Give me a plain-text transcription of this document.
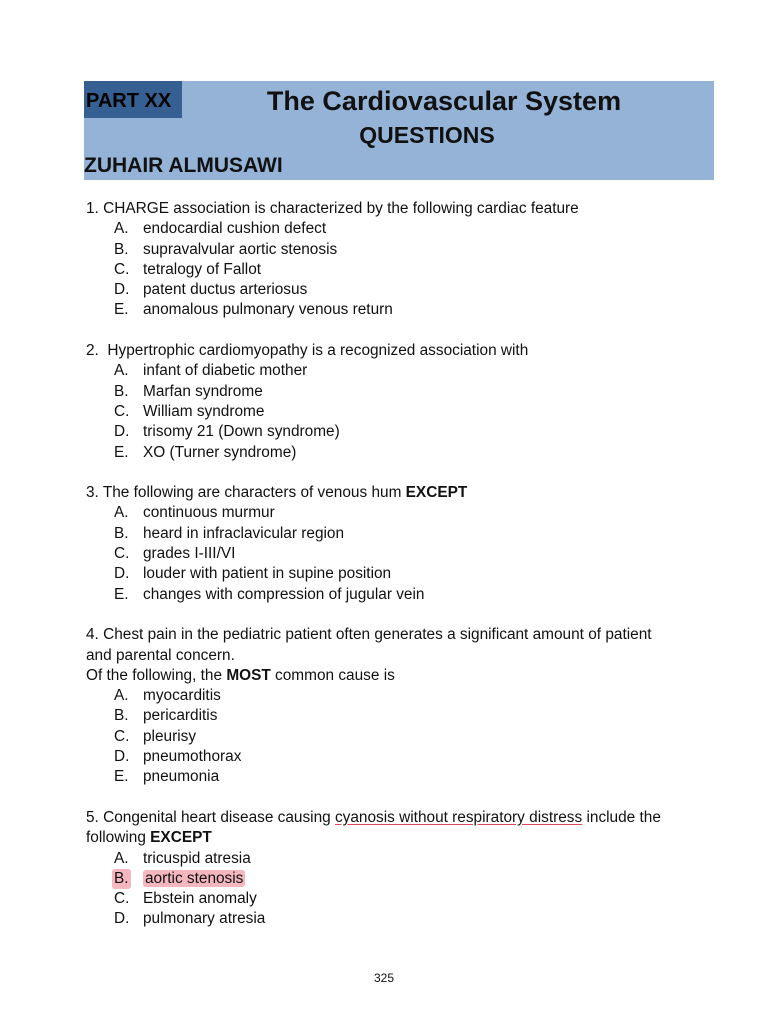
PART XX	The Cardiovascular System
QUESTIONS
ZUHAIR ALMUSAWI

1. CHARGE association is characterized by the following cardiac feature

A. endocardial cushion defect
B. supravalvular aortic stenosis
C. tetralogy of Fallot
D. patent ductus arteriosus
E. anomalous pulmonary venous return

2.  Hypertrophic cardiomyopathy is a recognized association with

A. infant of diabetic mother
B. Marfan syndrome
C. William syndrome
D. trisomy 21 (Down syndrome)
E. XO (Turner syndrome)

3. The following are characters of venous hum EXCEPT

A. continuous murmur
B. heard in infraclavicular region
C. grades I-III/VI
D. louder with patient in supine position
E. changes with compression of jugular vein

4. Chest pain in the pediatric patient often generates a significant amount of patient

and parental concern.

Of the following, the MOST common cause is

A. myocarditis
B. pericarditis
C. pleurisy
D. pneumothorax
E. pneumonia

5. Congenital heart disease causing cyanosis without respiratory distress include the

following EXCEPT

A. tricuspid atresia
B. aortic stenosis
C. Ebstein anomaly
D. pulmonary atresia
325
